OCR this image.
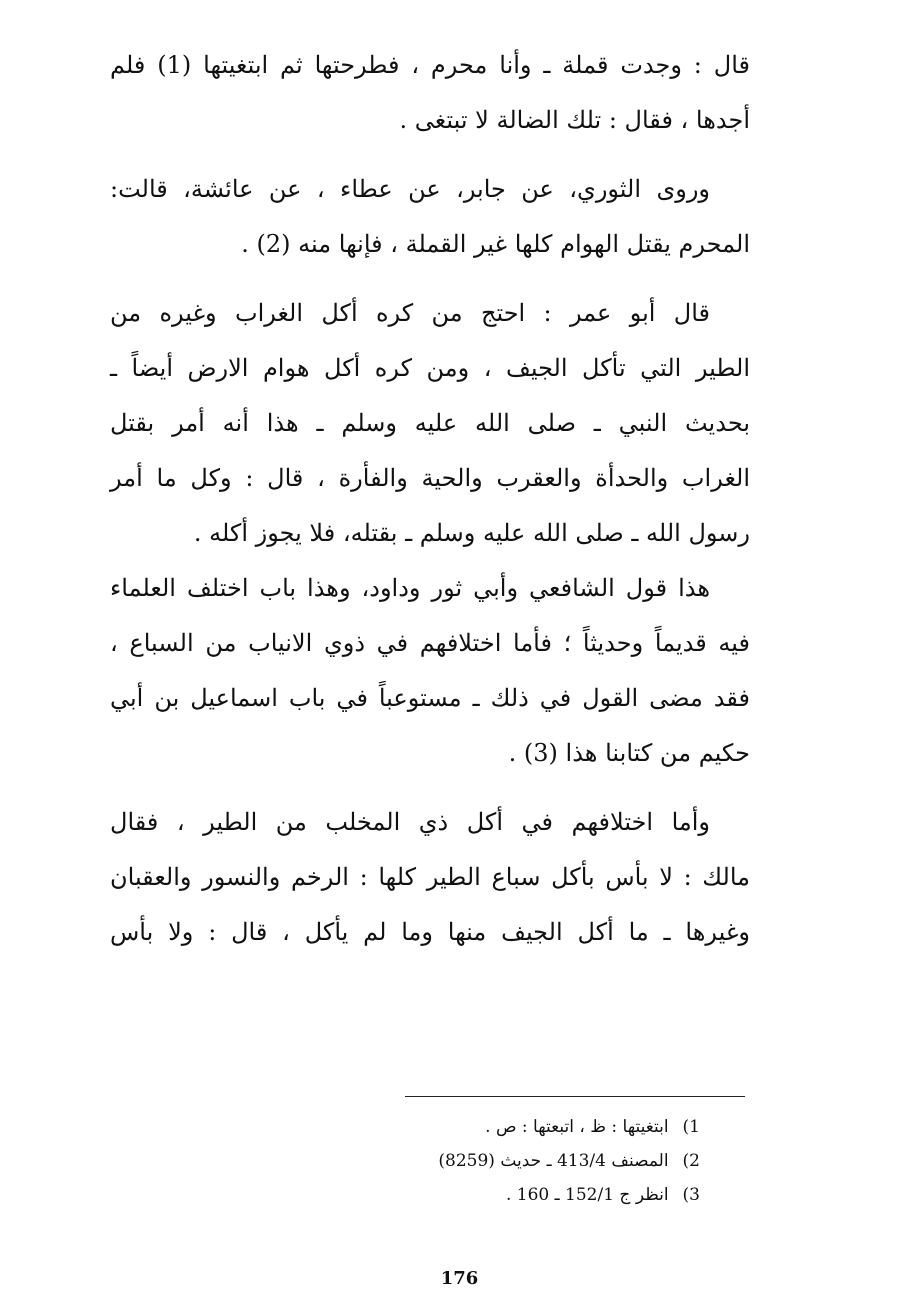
قال : وجدت قملة ـ وأنا محرم ، فطرحتها ثم ابتغيتها (1) فلم
أجدها ، فقال : تلك الضالة لا تبتغى .
وروى الثوري، عن جابر، عن عطاء ، عن عائشة، قالت:
المحرم يقتل الهوام كلها غير القملة ، فإنها منه (2) .
قال أبو عمر : احتج من كره أكل الغراب وغيره من
الطير التي تأكل الجيف ، ومن كره أكل هوام الارض أيضاً ـ
بحديث النبي ـ صلى الله عليه وسلم ـ هذا أنه أمر بقتل
الغراب والحدأة والعقرب والحية والفأرة ، قال : وكل ما أمر
رسول الله ـ صلى الله عليه وسلم ـ بقتله، فلا يجوز أكله .
هذا قول الشافعي وأبي ثور وداود، وهذا باب اختلف العلماء
فيه قديماً وحديثاً ؛ فأما اختلافهم في ذوي الانياب من السباع ،
فقد مضى القول في ذلك ـ مستوعباً في باب اسماعيل بن أبي
حكيم من كتابنا هذا (3) .
وأما اختلافهم في أكل ذي المخلب من الطير ، فقال
مالك : لا بأس بأكل سباع الطير كلها : الرخم والنسور والعقبان
وغيرها ـ ما أكل الجيف منها وما لم يأكل ، قال : ولا بأس
1) ابتغيتها : ظ ، اتبعتها : ص .
2) المصنف 413/4 ـ حديث (8259)
3) انظر ج 152/1 ـ 160 .
176
